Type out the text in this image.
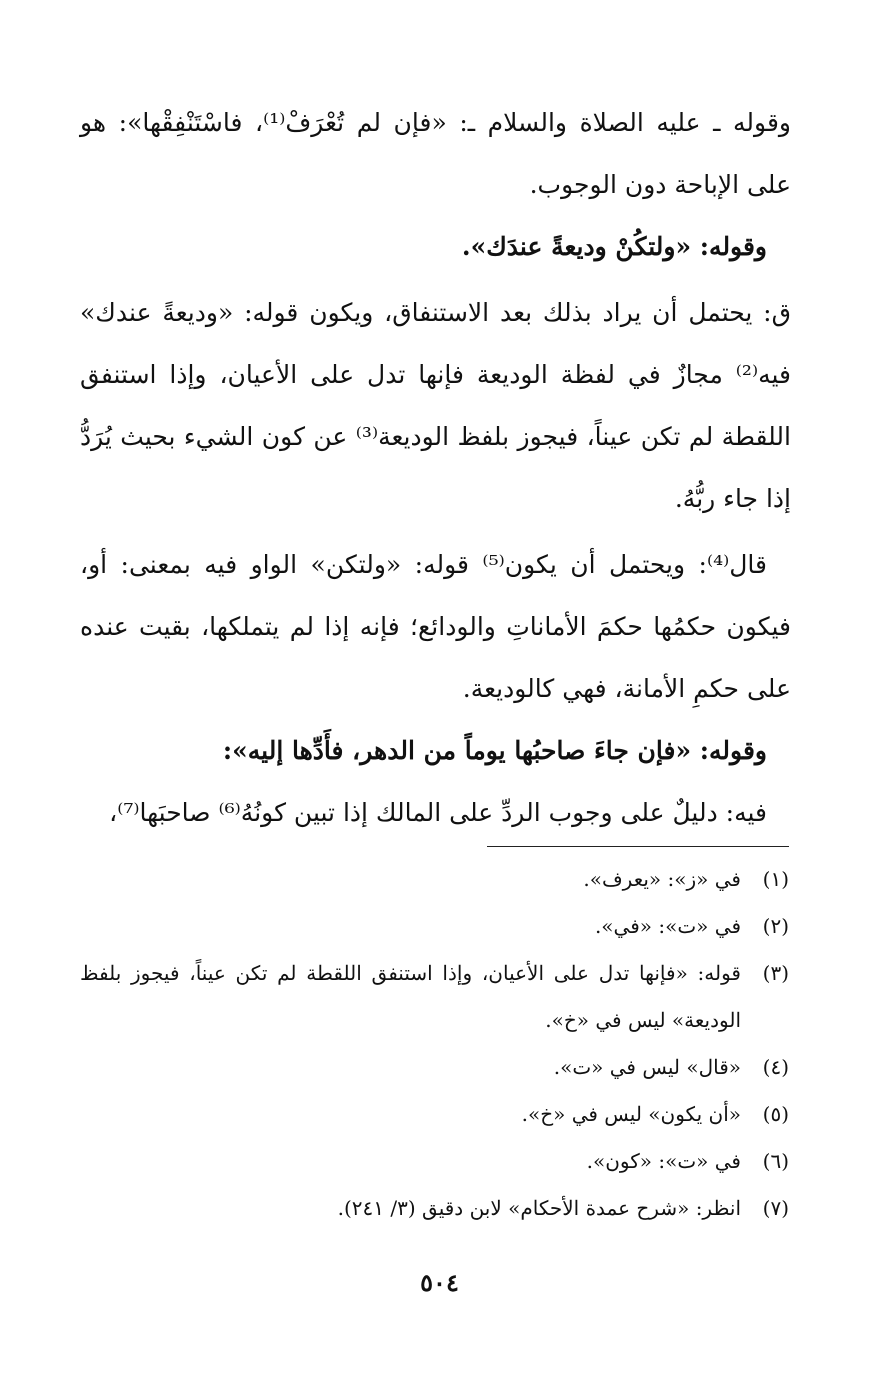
وقوله ـ عليه الصلاة والسلام ـ: «فإن لم تُعْرَفْ⁽¹⁾، فاسْتَنْفِقْها»: هو على الإباحة دون الوجوب.

وقوله: «ولتكُنْ وديعةً عندَك».

ق: يحتمل أن يراد بذلك بعد الاستنفاق، ويكون قوله: «وديعةً عندك» فيه⁽²⁾ مجازٌ في لفظة الوديعة فإنها تدل على الأعيان، وإذا استنفق اللقطة لم تكن عيناً، فيجوز بلفظ الوديعة⁽³⁾ عن كون الشيء بحيث يُرَدُّ إذا جاء ربُّهُ.

قال⁽⁴⁾: ويحتمل أن يكون⁽⁵⁾ قوله: «ولتكن» الواو فيه بمعنى: أو، فيكون حكمُها حكمَ الأماناتِ والودائع؛ فإنه إذا لم يتملكها، بقيت عنده على حكمِ الأمانة، فهي كالوديعة.

وقوله: «فإن جاءَ صاحبُها يوماً من الدهر، فأَدِّها إليه»:

فيه: دليلٌ على وجوب الردِّ على المالك إذا تبين كونُهُ⁽⁶⁾ صاحبَها⁽⁷⁾،

(١)
في «ز»: «يعرف».
(٢)
في «ت»: «في».
(٣)
قوله: «فإنها تدل على الأعيان، وإذا استنفق اللقطة لم تكن عيناً، فيجوز بلفظ الوديعة» ليس في «خ».
(٤)
«قال» ليس في «ت».
(٥)
«أن يكون» ليس في «خ».
(٦)
في «ت»: «كون».
(٧)
انظر: «شرح عمدة الأحكام» لابن دقيق (٣/ ٢٤١).
٥٠٤
